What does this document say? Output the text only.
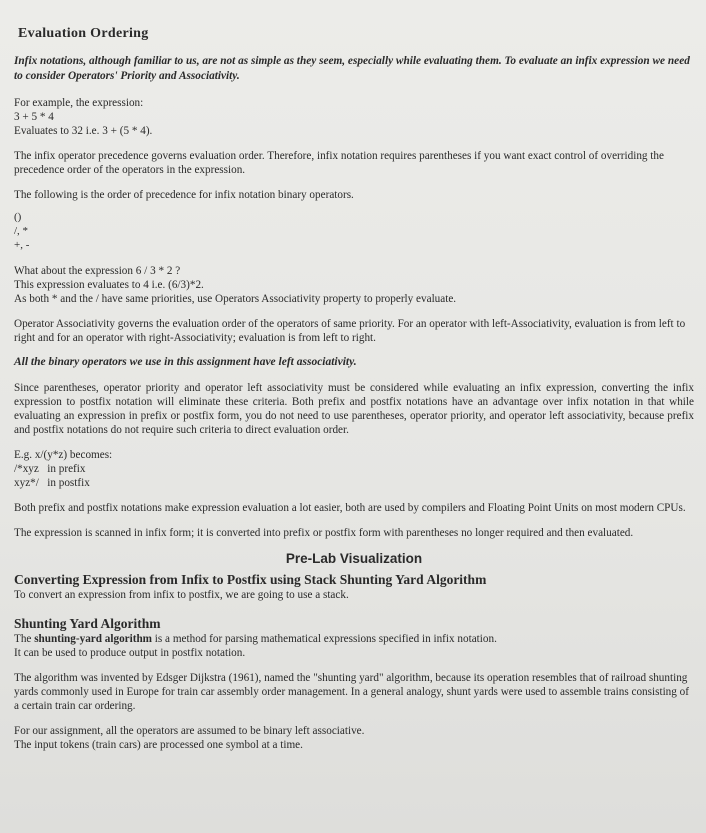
Evaluation Ordering

Infix notations, although familiar to us, are not as simple as they seem, especially while evaluating them. To evaluate an infix expression we need to consider Operators' Priority and Associativity.

For example, the expression:
3 + 5 * 4
Evaluates to 32 i.e. 3 + (5 * 4).

The infix operator precedence governs evaluation order. Therefore, infix notation requires parentheses if you want exact control of overriding the precedence order of the operators in the expression.

The following is the order of precedence for infix notation binary operators.

()
/, *
+, -
What about the expression 6 / 3 * 2 ?
This expression evaluates to 4 i.e. (6/3)*2.
As both * and the / have same priorities, use Operators Associativity property to properly evaluate.

Operator Associativity governs the evaluation order of the operators of same priority. For an operator with left-Associativity, evaluation is from left to right and for an operator with right-Associativity; evaluation is from left to right.

All the binary operators we use in this assignment have left associativity.

Since parentheses, operator priority and operator left associativity must be considered while evaluating an infix expression, converting the infix expression to postfix notation will eliminate these criteria. Both prefix and postfix notations have an advantage over infix notation in that while evaluating an expression in prefix or postfix form, you do not need to use parentheses, operator priority, and operator left associativity, because prefix and postfix notations do not require such criteria to direct evaluation order.

E.g. x/(y*z) becomes:
/*xyz   in prefix
xyz*/   in postfix

Both prefix and postfix notations make expression evaluation a lot easier, both are used by compilers and Floating Point Units on most modern CPUs.

The expression is scanned in infix form; it is converted into prefix or postfix form with parentheses no longer required and then evaluated.

Pre-Lab Visualization

Converting Expression from Infix to Postfix using Stack Shunting Yard Algorithm

To convert an expression from infix to postfix, we are going to use a stack.

Shunting Yard Algorithm

The shunting-yard algorithm is a method for parsing mathematical expressions specified in infix notation.
It can be used to produce output in postfix notation.

The algorithm was invented by Edsger Dijkstra (1961), named the "shunting yard" algorithm, because its operation resembles that of railroad shunting yards commonly used in Europe for train car assembly order management. In a general analogy, shunt yards were used to assemble trains consisting of a certain train car ordering.

For our assignment, all the operators are assumed to be binary left associative.
The input tokens (train cars) are processed one symbol at a time.
